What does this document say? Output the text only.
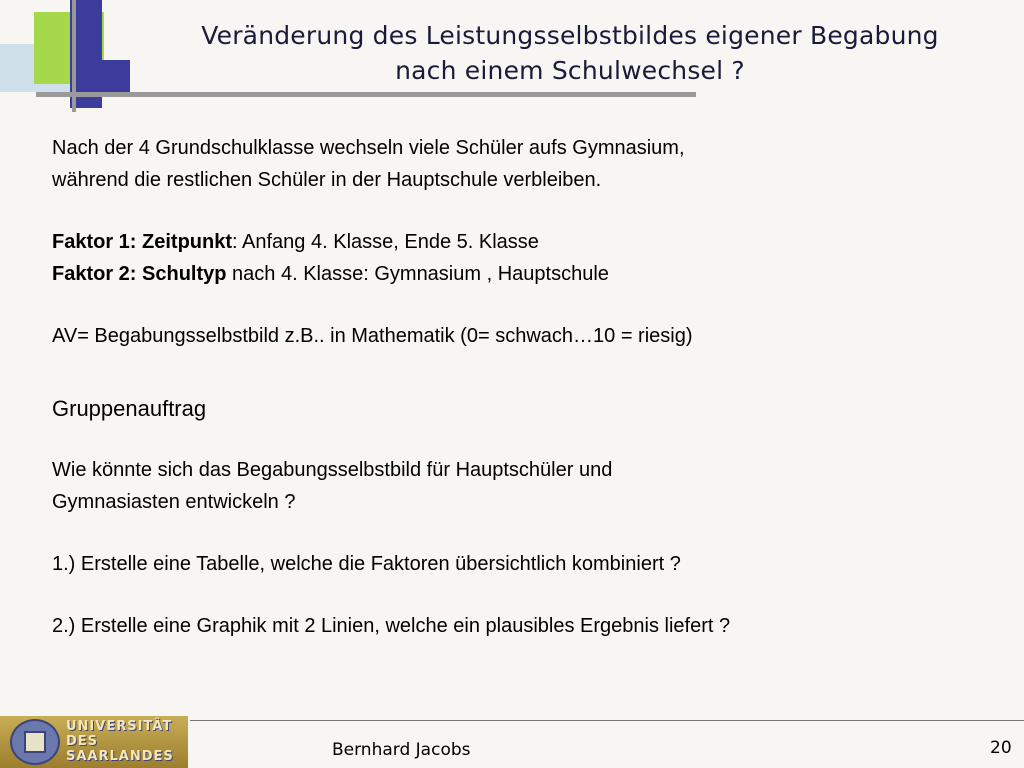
Veränderung des Leistungsselbstbildes eigener Begabung
nach einem Schulwechsel ?

Nach der 4 Grundschulklasse wechseln viele Schüler aufs Gymnasium,

während die restlichen Schüler in der Hauptschule verbleiben.

Faktor 1: Zeitpunkt: Anfang 4. Klasse, Ende 5. Klasse

Faktor 2: Schultyp nach 4. Klasse: Gymnasium , Hauptschule

AV= Begabungsselbstbild z.B.. in Mathematik (0= schwach…10 = riesig)

Gruppenauftrag

Wie könnte sich das Begabungsselbstbild für Hauptschüler und

Gymnasiasten entwickeln ?

1.) Erstelle eine Tabelle, welche die Faktoren übersichtlich kombiniert ?

2.) Erstelle eine Graphik mit 2 Linien, welche ein plausibles Ergebnis liefert ?

UNIVERSITÄT
DES
SAARLANDES	Bernhard Jacobs	20
